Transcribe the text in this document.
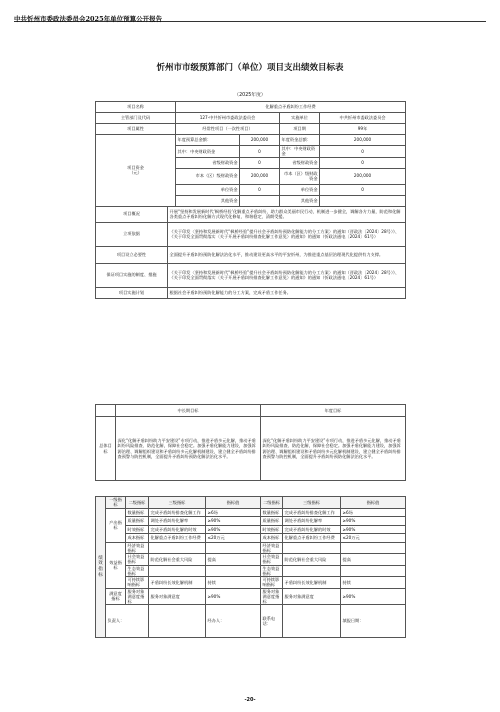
中共忻州市委政法委员会2025年单位预算公开报告
忻州市市级预算部门（单位）项目支出绩效目标表
（2025年度）
项目名称		化解重点矛盾纠纷工作经费			
主管部门及代码		127-中共忻州市委政法委员会		实施单位	中共忻州市委政法委员会
项目属性		经常性项目（一次性项目）		项目期	99年
项目资金
（元）		年度预算总金额：	200,000	年度资金总额：	200,000
		其中：中央财政资金	0	其中：中央财政资金	0
		省级财政资金	0	省级财政资金	0
		市本（区）级财政资金	200,000	市本（区）级财政资金	200,000
		单位资金	0	单位资金	0
		其他资金		其他资金	
项目概况	开展“坚持和发展新时代‘枫桥经验’化解重点矛盾纠纷，助力群众美丽市民行动，机制进一步健全，调解各方力量，防范和化解各类重点矛盾纠纷化解方式现代化修复、和谐稳定、清朗受援。				
立项依据	《关于印发〈坚持和发展新时代“枫桥经验”提升社会矛盾纠纷预防化解能力的分工方案〉的通知（晋政法〔2024〕28号）》、《关于印发全面贯彻落实〈关于开展矛盾纠纷排查化解工作意见〉的通知》的通知（忻政法通电〔2024〕61号）				
项目设立必要性	全面提升矛盾纠纷预防化解法治化水平，推动建设更高水平的平安忻州，为推进重点基层治理现代化提供有力支撑。				
保证项目实施的制度、措施	《关于印发〈坚持和发展新时代“枫桥经验”提升社会矛盾纠纷预防化解能力的分工方案〉的通知（晋政法〔2024〕28号）》、《关于印发全面贯彻落实〈关于开展矛盾纠纷排查化解工作意见〉的通知》的通知（忻政法通电〔2024〕61号）				
项目实施计划	根据社会矛盾纠纷预防化解能力的分工方案，完成矛盾工作任务。				
	中长期目标	年度目标
总体目标	深化“化解矛盾纠纷助力平安建设”专项行动，推进矛盾多元化解，推动矛盾纠纷风险排查、防范化解，保障社会稳定。加强矛盾化解能力建设，加强诉源治理、调解组织建设和矛盾纠纷多元化解机制建设，建立健全矛盾纠纷排查预警与防控机制，全面提升矛盾纠纷预防化解法治化水平。	深化“化解矛盾纠纷助力平安建设”专项行动，推进矛盾多元化解，推动矛盾纠纷风险排查、防范化解，保障社会稳定。加强矛盾化解能力建设，加强诉源治理、调解组织建设和矛盾纠纷多元化解机制建设，建立健全矛盾纠纷排查预警与防控机制，全面提升矛盾纠纷预防化解法治化水平。
绩效指标	一级指标	二级指标	三级指标	指标值	二级指标	三级指标	指标值	
	产出指标	数量指标	完成矛盾纠纷排查化解工作	≥6场	数量指标	完成矛盾纠纷排查化解工作	≥6场	
		质量指标	调处矛盾纠纷化解率	≥90%	质量指标	调处矛盾纠纷化解率	≥90%	
		时效指标	完成矛盾纠纷化解的时效	≥90%	时效指标	完成矛盾纠纷化解的时效	≥90%	
		成本指标	化解重点矛盾纠纷工作经费	≤20万元	成本指标	化解重点矛盾纠纷工作经费	≤20万元	
	效益指标	经济效益指标			经济效益指标			
		社会效益指标	防范化解社会重大风险	提高	社会效益指标	防范化解社会重大风险	提高	
		生态效益指标			生态效益指标			
		可持续影响指标	矛盾纠纷长效化解机制	持续	可持续影响指标	矛盾纠纷长效化解机制	持续	
	满意度指标	服务对象满意度指标	服务对象满意度	≥90%	服务对象满意度指标	服务对象满意度	≥90%	
	负责人：			经办人：	联系电话：		填报日期：	
-20-
